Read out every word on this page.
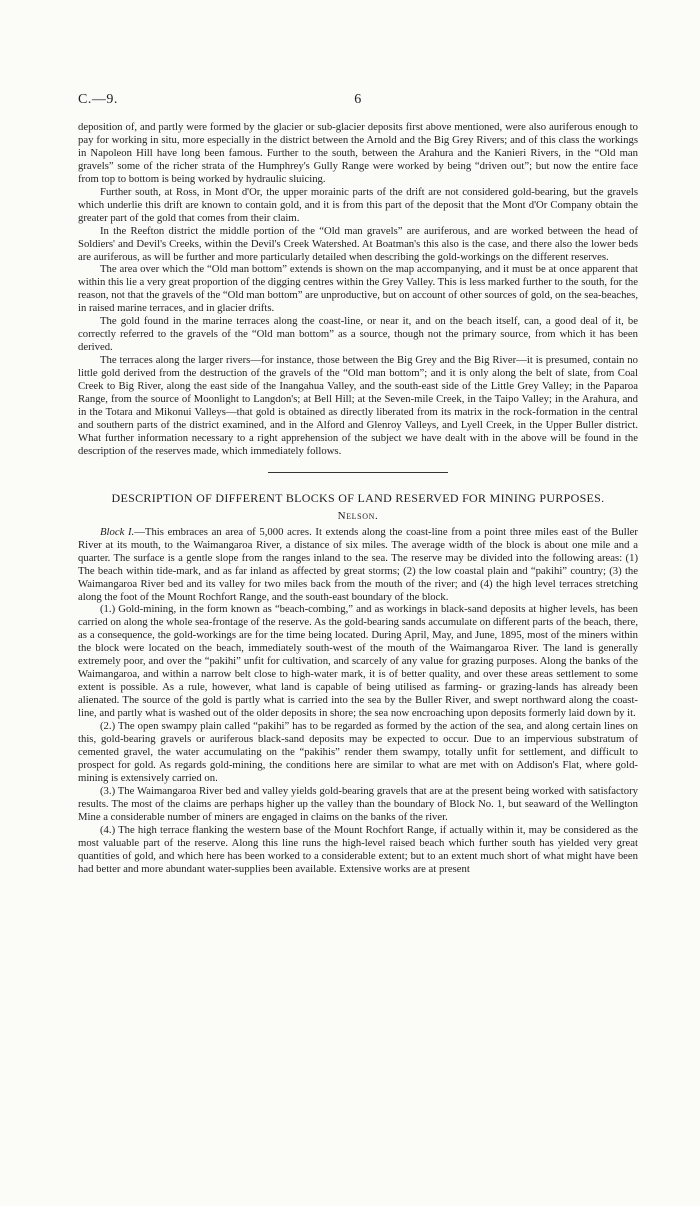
C.—9.	6

deposition of, and partly were formed by the glacier or sub-glacier deposits first above mentioned, were also auriferous enough to pay for working in situ, more especially in the district between the Arnold and the Big Grey Rivers; and of this class the workings in Napoleon Hill have long been famous. Further to the south, between the Arahura and the Kanieri Rivers, in the “Old man gravels” some of the richer strata of the Humphrey's Gully Range were worked by being “driven out”; but now the entire face from top to bottom is being worked by hydraulic sluicing.

Further south, at Ross, in Mont d'Or, the upper morainic parts of the drift are not considered gold-bearing, but the gravels which underlie this drift are known to contain gold, and it is from this part of the deposit that the Mont d'Or Company obtain the greater part of the gold that comes from their claim.

In the Reefton district the middle portion of the “Old man gravels” are auriferous, and are worked between the head of Soldiers' and Devil's Creeks, within the Devil's Creek Watershed. At Boatman's this also is the case, and there also the lower beds are auriferous, as will be further and more particularly detailed when describing the gold-workings on the different reserves.

The area over which the “Old man bottom” extends is shown on the map accompanying, and it must be at once apparent that within this lie a very great proportion of the digging centres within the Grey Valley. This is less marked further to the south, for the reason, not that the gravels of the “Old man bottom” are unproductive, but on account of other sources of gold, on the sea-beaches, in raised marine terraces, and in glacier drifts.

The gold found in the marine terraces along the coast-line, or near it, and on the beach itself, can, a good deal of it, be correctly referred to the gravels of the “Old man bottom” as a source, though not the primary source, from which it has been derived.

The terraces along the larger rivers—for instance, those between the Big Grey and the Big River—it is presumed, contain no little gold derived from the destruction of the gravels of the “Old man bottom”; and it is only along the belt of slate, from Coal Creek to Big River, along the east side of the Inangahua Valley, and the south-east side of the Little Grey Valley; in the Paparoa Range, from the source of Moonlight to Langdon's; at Bell Hill; at the Seven-mile Creek, in the Taipo Valley; in the Arahura, and in the Totara and Mikonui Valleys—that gold is obtained as directly liberated from its matrix in the rock-formation in the central and southern parts of the district examined, and in the Alford and Glenroy Valleys, and Lyell Creek, in the Upper Buller district. What further information necessary to a right apprehension of the subject we have dealt with in the above will be found in the description of the reserves made, which immediately follows.

DESCRIPTION OF DIFFERENT BLOCKS OF LAND RESERVED FOR MINING PURPOSES.
Nelson.

Block I.—This embraces an area of 5,000 acres. It extends along the coast-line from a point three miles east of the Buller River at its mouth, to the Waimangaroa River, a distance of six miles. The average width of the block is about one mile and a quarter. The surface is a gentle slope from the ranges inland to the sea. The reserve may be divided into the following areas: (1) The beach within tide-mark, and as far inland as affected by great storms; (2) the low coastal plain and “pakihi” country; (3) the Waimangaroa River bed and its valley for two miles back from the mouth of the river; and (4) the high level terraces stretching along the foot of the Mount Rochfort Range, and the south-east boundary of the block.

(1.) Gold-mining, in the form known as “beach-combing,” and as workings in black-sand deposits at higher levels, has been carried on along the whole sea-frontage of the reserve. As the gold-bearing sands accumulate on different parts of the beach, there, as a consequence, the gold-workings are for the time being located. During April, May, and June, 1895, most of the miners within the block were located on the beach, immediately south-west of the mouth of the Waimangaroa River. The land is generally extremely poor, and over the “pakihi” unfit for cultivation, and scarcely of any value for grazing purposes. Along the banks of the Waimangaroa, and within a narrow belt close to high-water mark, it is of better quality, and over these areas settlement to some extent is possible. As a rule, however, what land is capable of being utilised as farming- or grazing-lands has already been alienated. The source of the gold is partly what is carried into the sea by the Buller River, and swept northward along the coast-line, and partly what is washed out of the older deposits in shore; the sea now encroaching upon deposits formerly laid down by it.

(2.) The open swampy plain called “pakihi” has to be regarded as formed by the action of the sea, and along certain lines on this, gold-bearing gravels or auriferous black-sand deposits may be expected to occur. Due to an impervious substratum of cemented gravel, the water accumulating on the “pakihis” render them swampy, totally unfit for settlement, and difficult to prospect for gold. As regards gold-mining, the conditions here are similar to what are met with on Addison's Flat, where gold-mining is extensively carried on.

(3.) The Waimangaroa River bed and valley yields gold-bearing gravels that are at the present being worked with satisfactory results. The most of the claims are perhaps higher up the valley than the boundary of Block No. 1, but seaward of the Wellington Mine a considerable number of miners are engaged in claims on the banks of the river.

(4.) The high terrace flanking the western base of the Mount Rochfort Range, if actually within it, may be considered as the most valuable part of the reserve. Along this line runs the high-level raised beach which further south has yielded very great quantities of gold, and which here has been worked to a considerable extent; but to an extent much short of what might have been had better and more abundant water-supplies been available. Extensive works are at present
